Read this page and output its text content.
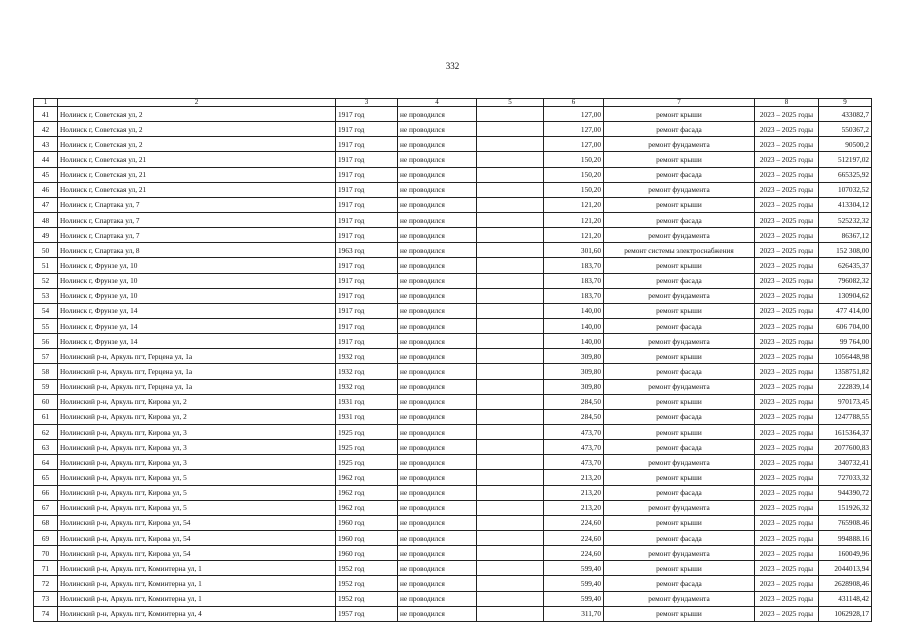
332
1	2	3	4	5	6	7	8	9
41	Нолинск г, Советская ул, 2	1917 год	не проводился		127,00	ремонт крыши	2023 – 2025 годы	433082,7
42	Нолинск г, Советская ул, 2	1917 год	не проводился		127,00	ремонт фасада	2023 – 2025 годы	550367,2
43	Нолинск г, Советская ул, 2	1917 год	не проводился		127,00	ремонт фундамента	2023 – 2025 годы	90500,2
44	Нолинск г, Советская ул, 21	1917 год	не проводился		150,20	ремонт крыши	2023 – 2025 годы	512197,02
45	Нолинск г, Советская ул, 21	1917 год	не проводился		150,20	ремонт фасада	2023 – 2025 годы	665325,92
46	Нолинск г, Советская ул, 21	1917 год	не проводился		150,20	ремонт фундамента	2023 – 2025 годы	107032,52
47	Нолинск г, Спартака ул, 7	1917 год	не проводился		121,20	ремонт крыши	2023 – 2025 годы	413304,12
48	Нолинск г, Спартака ул, 7	1917 год	не проводился		121,20	ремонт фасада	2023 – 2025 годы	525232,32
49	Нолинск г, Спартака ул, 7	1917 год	не проводился		121,20	ремонт фундамента	2023 – 2025 годы	86367,12
50	Нолинск г, Спартака ул, 8	1963 год	не проводился		301,60	ремонт системы электроснабжения	2023 – 2025 годы	152 308,00
51	Нолинск г, Фрунзе ул, 10	1917 год	не проводился		183,70	ремонт крыши	2023 – 2025 годы	626435,37
52	Нолинск г, Фрунзе ул, 10	1917 год	не проводился		183,70	ремонт фасада	2023 – 2025 годы	796082,32
53	Нолинск г, Фрунзе ул, 10	1917 год	не проводился		183,70	ремонт фундамента	2023 – 2025 годы	130904,62
54	Нолинск г, Фрунзе ул, 14	1917 год	не проводился		140,00	ремонт крыши	2023 – 2025 годы	477 414,00
55	Нолинск г, Фрунзе ул, 14	1917 год	не проводился		140,00	ремонт фасада	2023 – 2025 годы	606 704,00
56	Нолинск г, Фрунзе ул, 14	1917 год	не проводился		140,00	ремонт фундамента	2023 – 2025 годы	99 764,00
57	Нолинский р-н, Аркуль пгт, Герцена ул, 1а	1932 год	не проводился		309,80	ремонт крыши	2023 – 2025 годы	1056448,98
58	Нолинский р-н, Аркуль пгт, Герцена ул, 1а	1932 год	не проводился		309,80	ремонт фасада	2023 – 2025 годы	1358751,82
59	Нолинский р-н, Аркуль пгт, Герцена ул, 1а	1932 год	не проводился		309,80	ремонт фундамента	2023 – 2025 годы	222839,14
60	Нолинский р-н, Аркуль пгт, Кирова ул, 2	1931 год	не проводился		284,50	ремонт крыши	2023 – 2025 годы	970173,45
61	Нолинский р-н, Аркуль пгт, Кирова ул, 2	1931 год	не проводился		284,50	ремонт фасада	2023 – 2025 годы	1247788,55
62	Нолинский р-н, Аркуль пгт, Кирова ул, 3	1925 год	не проводился		473,70	ремонт крыши	2023 – 2025 годы	1615364,37
63	Нолинский р-н, Аркуль пгт, Кирова ул, 3	1925 год	не проводился		473,70	ремонт фасада	2023 – 2025 годы	2077600,83
64	Нолинский р-н, Аркуль пгт, Кирова ул, 3	1925 год	не проводился		473,70	ремонт фундамента	2023 – 2025 годы	340732,41
65	Нолинский р-н, Аркуль пгт, Кирова ул, 5	1962 год	не проводился		213,20	ремонт крыши	2023 – 2025 годы	727033,32
66	Нолинский р-н, Аркуль пгт, Кирова ул, 5	1962 год	не проводился		213,20	ремонт фасада	2023 – 2025 годы	944390,72
67	Нолинский р-н, Аркуль пгт, Кирова ул, 5	1962 год	не проводился		213,20	ремонт фундамента	2023 – 2025 годы	151926,32
68	Нолинский р-н, Аркуль пгт, Кирова ул, 54	1960 год	не проводился		224,60	ремонт крыши	2023 – 2025 годы	765908.46
69	Нолинский р-н, Аркуль пгт, Кирова ул, 54	1960 год	не проводился		224,60	ремонт фасада	2023 – 2025 годы	994888.16
70	Нолинский р-н, Аркуль пгт, Кирова ул, 54	1960 год	не проводился		224,60	ремонт фундамента	2023 – 2025 годы	160049,96
71	Нолинский р-н, Аркуль пгт, Коминтерна ул, 1	1952 год	не проводился		599,40	ремонт крыши	2023 – 2025 годы	2044013,94
72	Нолинский р-н, Аркуль пгт, Коминтерна ул, 1	1952 год	не проводился		599,40	ремонт фасада	2023 – 2025 годы	2628908,46
73	Нолинский р-н, Аркуль пгт, Коминтерна ул, 1	1952 год	не проводился		599,40	ремонт фундамента	2023 – 2025 годы	431148,42
74	Нолинский р-н, Аркуль пгт, Коминтерна ул, 4	1957 год	не проводился		311,70	ремонт крыши	2023 – 2025 годы	1062928,17
